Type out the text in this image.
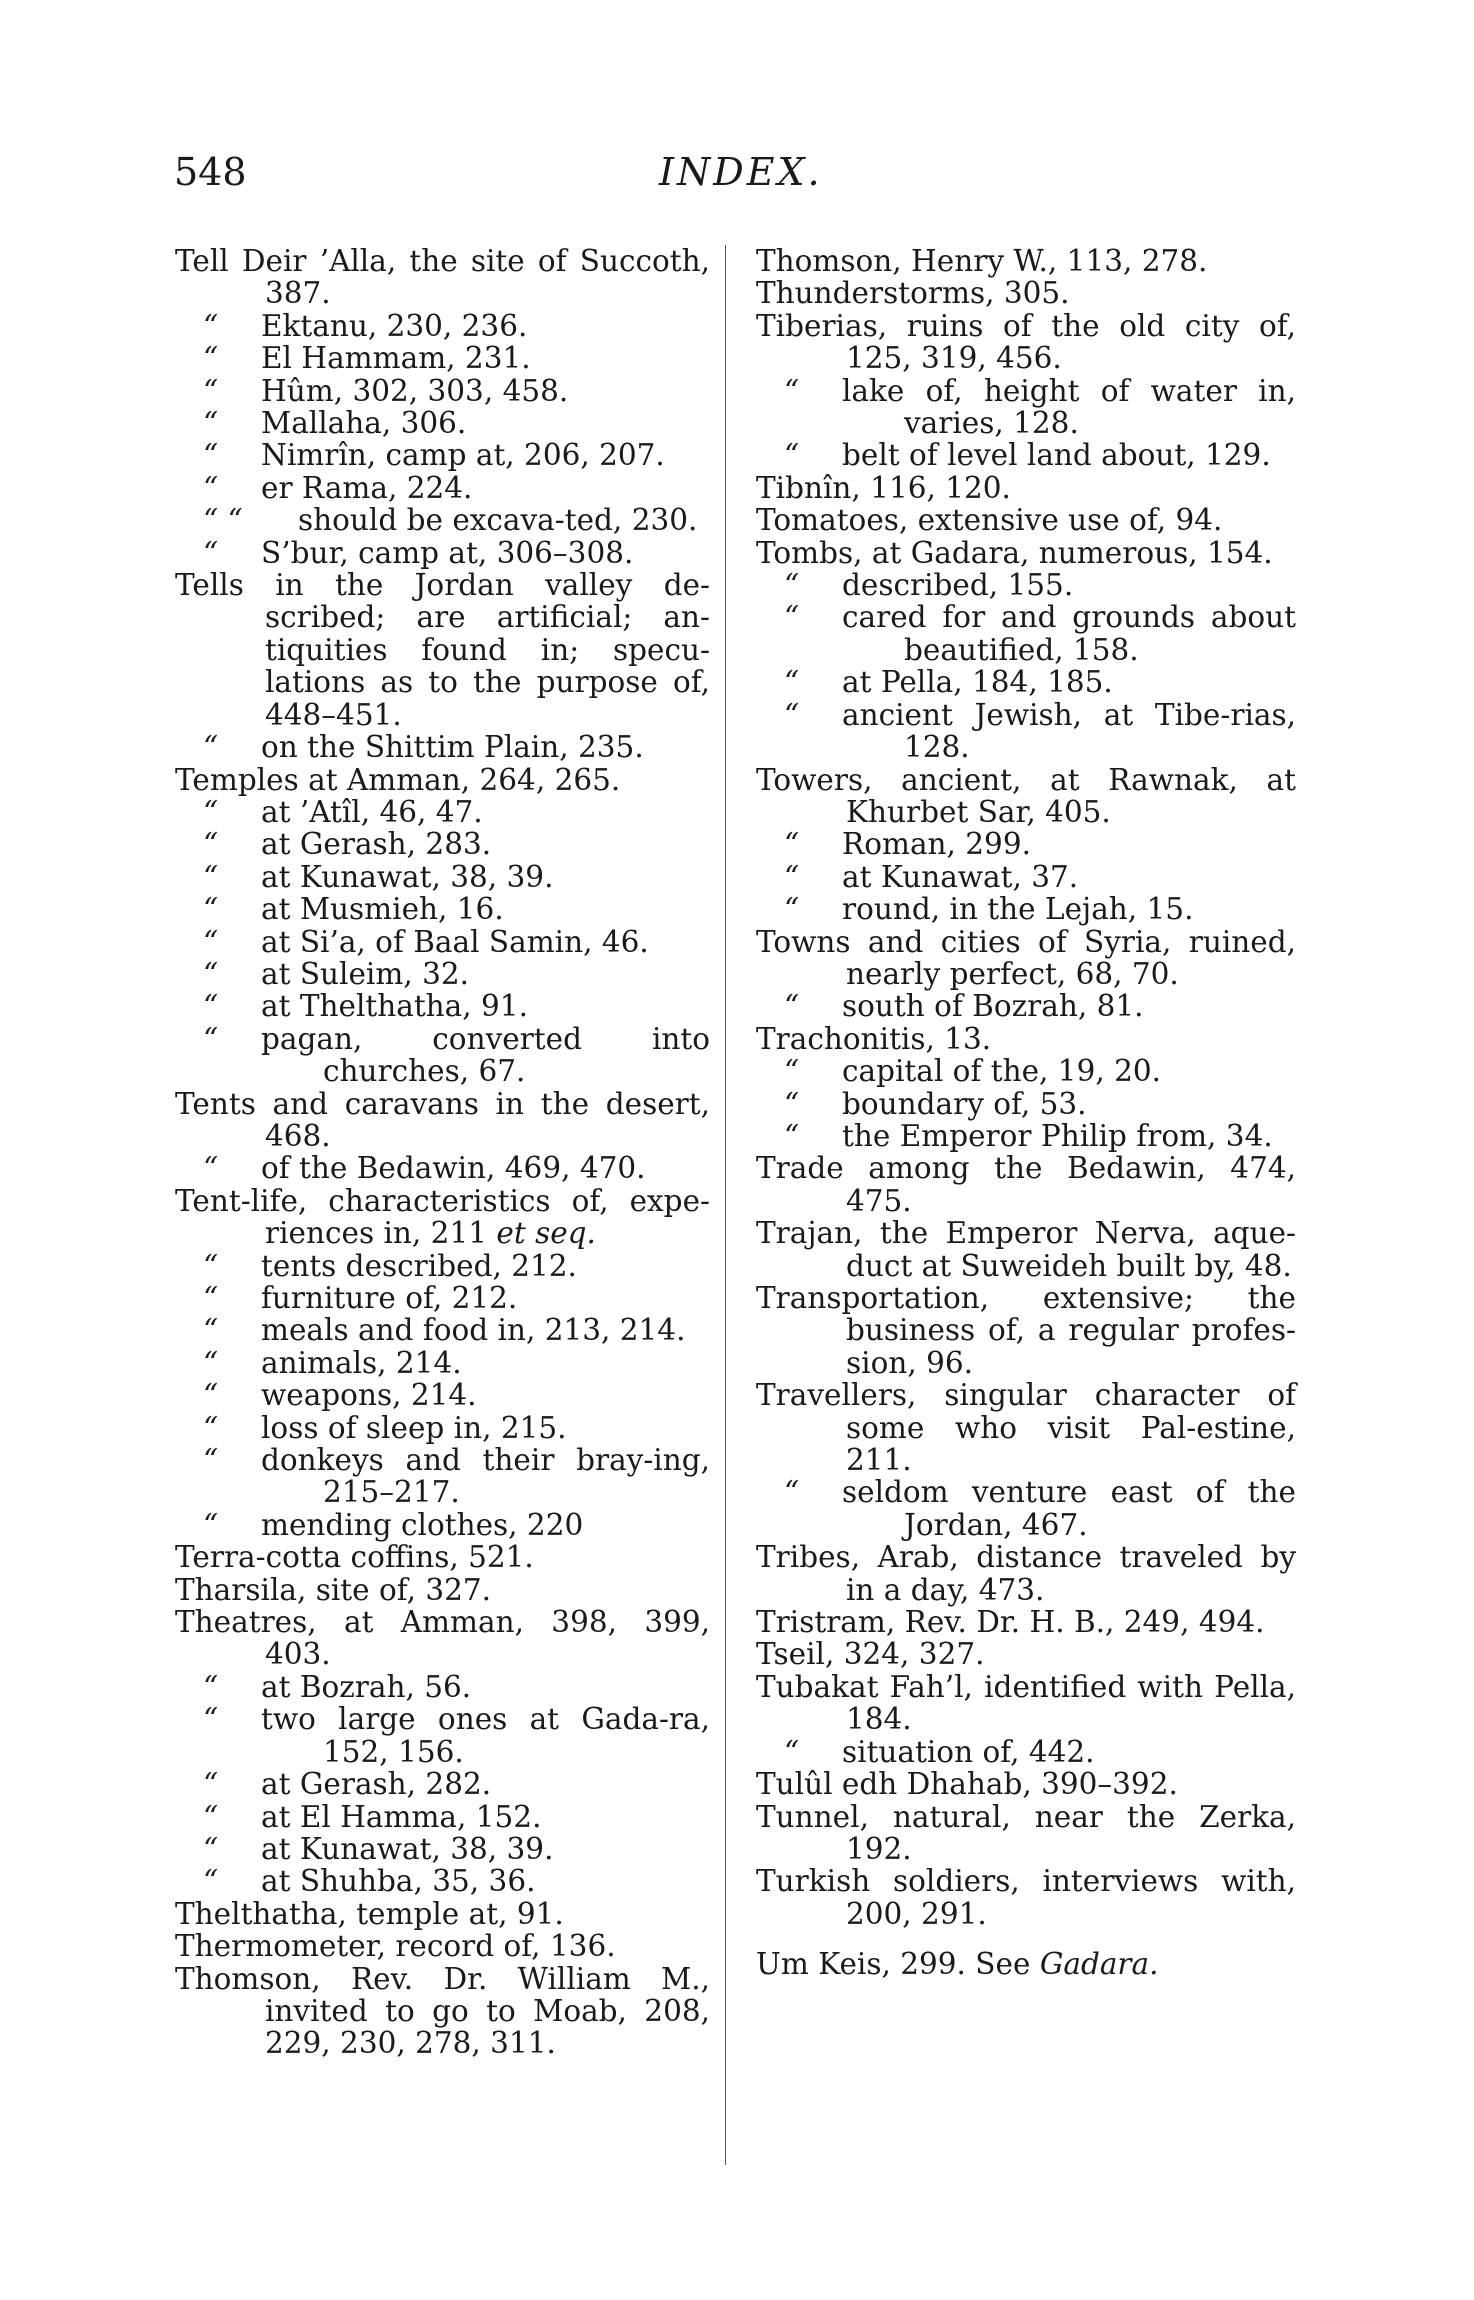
548	INDEX.
Tell Deir ’Alla, the site of Succoth, 387.
“ Ektanu, 230, 236.
“ El Hammam, 231.
“ Hûm, 302, 303, 458.
“ Mallaha, 306.
“ Nimrîn, camp at, 206, 207.
“ er Rama, 224.
“ “ should be excava-ted, 230.
“ S’bur, camp at, 306–308.
Tells in the Jordan valley de-scribed; are artificial; an-tiquities found in; specu-lations as to the purpose of, 448–451.
“ on the Shittim Plain, 235.
Temples at Amman, 264, 265.
“ at ’Atîl, 46, 47.
“ at Gerash, 283.
“ at Kunawat, 38, 39.
“ at Musmieh, 16.
“ at Si’a, of Baal Samin, 46.
“ at Suleim, 32.
“ at Thelthatha, 91.
“ pagan, converted into churches, 67.
Tents and caravans in the desert, 468.
“ of the Bedawin, 469, 470.
Tent-life, characteristics of, expe-riences in, 211 et seq.
“ tents described, 212.
“ furniture of, 212.
“ meals and food in, 213, 214.
“ animals, 214.
“ weapons, 214.
“ loss of sleep in, 215.
“ donkeys and their bray-ing, 215–217.
“ mending clothes, 220
Terra-cotta coffins, 521.
Tharsila, site of, 327.
Theatres, at Amman, 398, 399, 403.
“ at Bozrah, 56.
“ two large ones at Gada-ra, 152, 156.
“ at Gerash, 282.
“ at El Hamma, 152.
“ at Kunawat, 38, 39.
“ at Shuhba, 35, 36.
Thelthatha, temple at, 91.
Thermometer, record of, 136.
Thomson, Rev. Dr. William M., invited to go to Moab, 208, 229, 230, 278, 311.
Thomson, Henry W., 113, 278.
Thunderstorms, 305.
Tiberias, ruins of the old city of, 125, 319, 456.
“ lake of, height of water in, varies, 128.
“ belt of level land about, 129.
Tibnîn, 116, 120.
Tomatoes, extensive use of, 94.
Tombs, at Gadara, numerous, 154.
“ described, 155.
“ cared for and grounds about beautified, 158.
“ at Pella, 184, 185.
“ ancient Jewish, at Tibe-rias, 128.
Towers, ancient, at Rawnak, at Khurbet Sar, 405.
“ Roman, 299.
“ at Kunawat, 37.
“ round, in the Lejah, 15.
Towns and cities of Syria, ruined, nearly perfect, 68, 70.
“ south of Bozrah, 81.
Trachonitis, 13.
“ capital of the, 19, 20.
“ boundary of, 53.
“ the Emperor Philip from, 34.
Trade among the Bedawin, 474, 475.
Trajan, the Emperor Nerva, aque-duct at Suweideh built by, 48.
Transportation, extensive; the business of, a regular profes-sion, 96.
Travellers, singular character of some who visit Pal-estine, 211.
“ seldom venture east of the Jordan, 467.
Tribes, Arab, distance traveled by in a day, 473.
Tristram, Rev. Dr. H. B., 249, 494.
Tseil, 324, 327.
Tubakat Fah’l, identified with Pella, 184.
“ situation of, 442.
Tulûl edh Dhahab, 390–392.
Tunnel, natural, near the Zerka, 192.
Turkish soldiers, interviews with, 200, 291.
Um Keis, 299. See Gadara.
